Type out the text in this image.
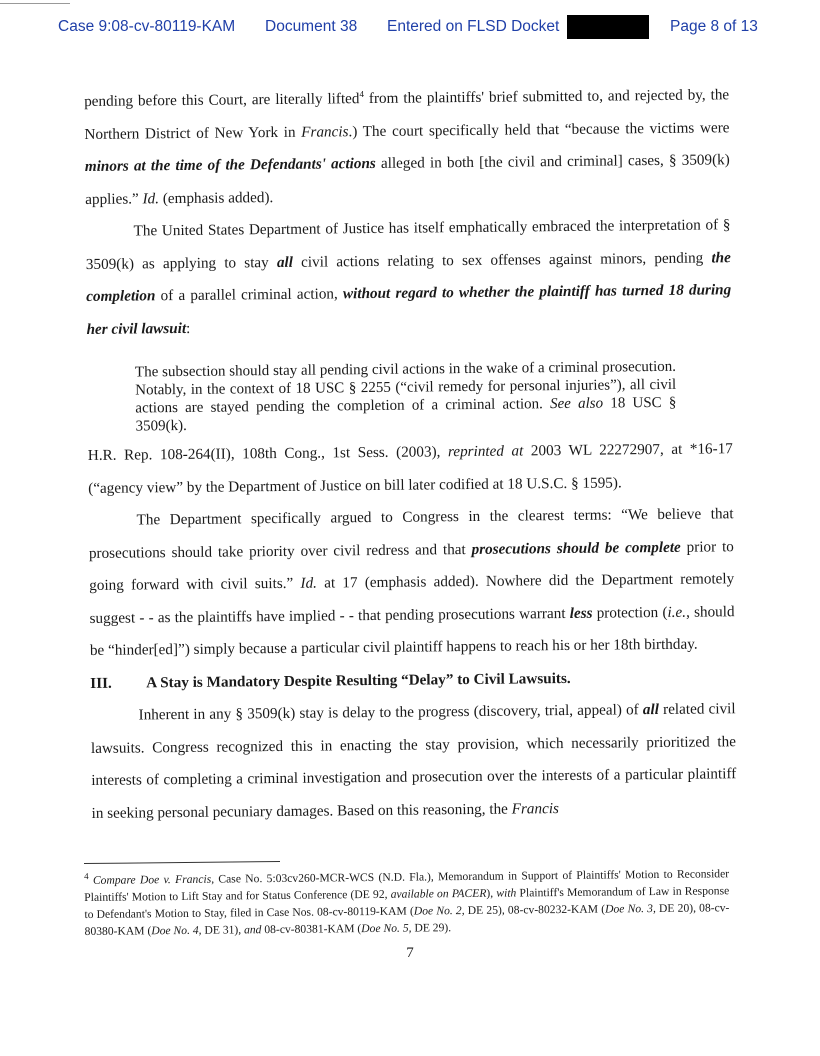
Case 9:08-cv-80119-KAM Document 38 Entered on FLSD Docket	Page 8 of 13

pending before this Court, are literally lifted$^4$ from the plaintiffs' brief submitted to, and rejected by, the Northern District of New York in Francis.) The court specifically held that “because the victims were minors at the time of the Defendants' actions alleged in both [the civil and criminal] cases, § 3509(k) applies.” Id. (emphasis added).

The United States Department of Justice has itself emphatically embraced the interpretation of § 3509(k) as applying to stay all civil actions relating to sex offenses against minors, pending the completion of a parallel criminal action, without regard to whether the plaintiff has turned 18 during her civil lawsuit:

The subsection should stay all pending civil actions in the wake of a criminal prosecution. Notably, in the context of 18 USC § 2255 (“civil remedy for personal injuries”), all civil actions are stayed pending the completion of a criminal action. See also 18 USC § 3509(k).

H.R. Rep. 108-264(II), 108th Cong., 1st Sess. (2003), reprinted at 2003 WL 22272907, at *16-17 (“agency view” by the Department of Justice on bill later codified at 18 U.S.C. § 1595).

The Department specifically argued to Congress in the clearest terms: “We believe that prosecutions should take priority over civil redress and that prosecutions should be complete prior to going forward with civil suits.” Id. at 17 (emphasis added). Nowhere did the Department remotely suggest - - as the plaintiffs have implied - - that pending prosecutions warrant less protection (i.e., should be “hinder[ed]”) simply because a particular civil plaintiff happens to reach his or her 18th birthday.

III. A Stay is Mandatory Despite Resulting “Delay” to Civil Lawsuits.

Inherent in any § 3509(k) stay is delay to the progress (discovery, trial, appeal) of all related civil lawsuits. Congress recognized this in enacting the stay provision, which necessarily prioritized the interests of completing a criminal investigation and prosecution over the interests of a particular plaintiff in seeking personal pecuniary damages. Based on this reasoning, the Francis

$^4$ Compare Doe v. Francis, Case No. 5:03cv260-MCR-WCS (N.D. Fla.), Memorandum in Support of Plaintiffs' Motion to Reconsider Plaintiffs' Motion to Lift Stay and for Status Conference (DE 92, available on PACER), with Plaintiff's Memorandum of Law in Response to Defendant's Motion to Stay, filed in Case Nos. 08-cv-80119-KAM (Doe No. 2, DE 25), 08-cv-80232-KAM (Doe No. 3, DE 20), 08-cv-80380-KAM (Doe No. 4, DE 31), and 08-cv-80381-KAM (Doe No. 5, DE 29).

7
